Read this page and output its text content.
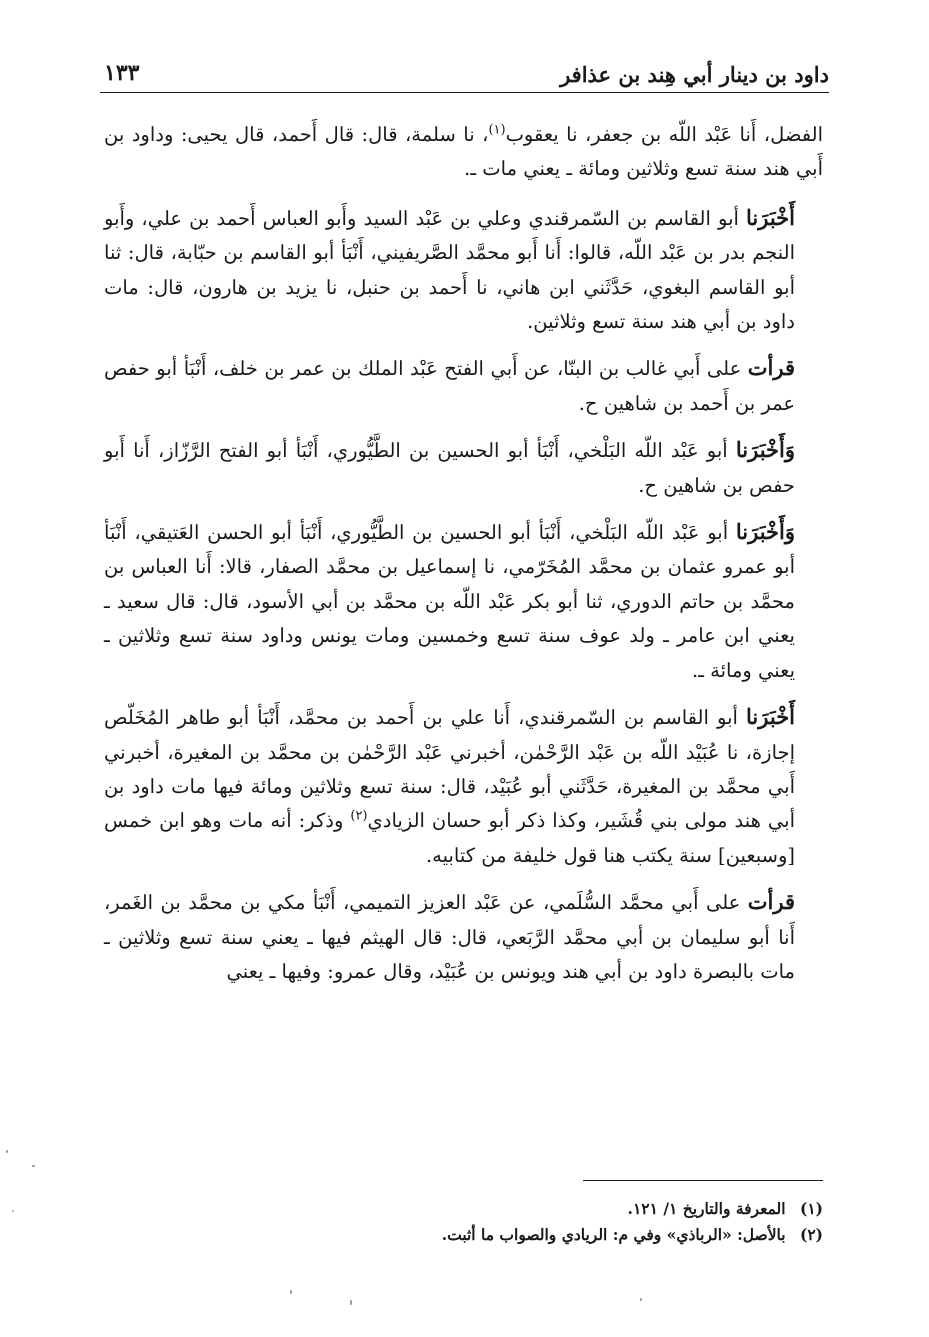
داود بن دينار أبي هِند بن عذافر
١٣٣

الفضل، أَنا عَبْد اللّه بن جعفر، نا يعقوب$^{(١)}$، نا سلمة، قال: قال أَحمد، قال يحيى: وداود بن أَبي هند سنة تسع وثلاثين ومائة ـ يعني مات ـ.

أَخْبَرَنا أبو القاسم بن السّمرقندي وعلي بن عَبْد السيد وأَبو العباس أَحمد بن علي، وأَبو النجم بدر بن عَبْد اللّه، قالوا: أَنا أَبو محمَّد الصَّريفيني، أَنْبَأ أبو القاسم بن حبّابة، قال: ثنا أبو القاسم البغوي، حَدَّثَني ابن هاني، نا أَحمد بن حنبل، نا يزيد بن هارون، قال: مات داود بن أبي هند سنة تسع وثلاثين.

قرأت على أَبي غالب بن البنّا، عن أَبي الفتح عَبْد الملك بن عمر بن خلف، أَنْبَأ أبو حفص عمر بن أَحمد بن شاهين ح.

وَأَخْبَرَنا أبو عَبْد اللّه البَلْخي، أَنْبَأ أبو الحسين بن الطَّيُّوري، أَنْبَأ أبو الفتح الرَّزّاز، أَنا أَبو حفص بن شاهين ح.

وَأَخْبَرَنا أبو عَبْد اللّه البَلْخي، أَنْبَأ أبو الحسين بن الطَّيُّوري، أَنْبَأ أبو الحسن العَتيقي، أَنْبَأ أبو عمرو عثمان بن محمَّد المُخَرّمي، نا إسماعيل بن محمَّد الصفار، قالا: أَنا العباس بن محمَّد بن حاتم الدوري، ثنا أبو بكر عَبْد اللّه بن محمَّد بن أبي الأسود، قال: قال سعيد ـ يعني ابن عامر ـ ولد عوف سنة تسع وخمسين ومات يونس وداود سنة تسع وثلاثين ـ يعني ومائة ـ.

أَخْبَرَنا أبو القاسم بن السّمرقندي، أَنا علي بن أَحمد بن محمَّد، أَنْبَأ أبو طاهر المُخَلّص إجازة، نا عُبَيْد اللّه بن عَبْد الرَّحْمٰن، أخبرني عَبْد الرَّحْمٰن بن محمَّد بن المغيرة، أخبرني أَبي محمَّد بن المغيرة، حَدَّثَني أبو عُبَيْد، قال: سنة تسع وثلاثين ومائة فيها مات داود بن أبي هند مولى بني قُشَير، وكذا ذكر أبو حسان الزيادي$^{(٢)}$ وذكر: أنه مات وهو ابن خمس [وسبعين] سنة يكتب هنا قول خليفة من كتابيه.

قرأت على أَبي محمَّد السُّلَمي، عن عَبْد العزيز التميمي، أَنْبَأ مكي بن محمَّد بن الغَمر، أَنا أبو سليمان بن أبي محمَّد الرَّبَعي، قال: قال الهيثم فيها ـ يعني سنة تسع وثلاثين ـ مات بالبصرة داود بن أبي هند ويونس بن عُبَيْد، وقال عمرو: وفيها ـ يعني

(١) المعرفة والتاريخ ١/ ١٢١.

(٢) بالأصل: «الرباذي» وفي م: الريادي والصواب ما أثبت.
